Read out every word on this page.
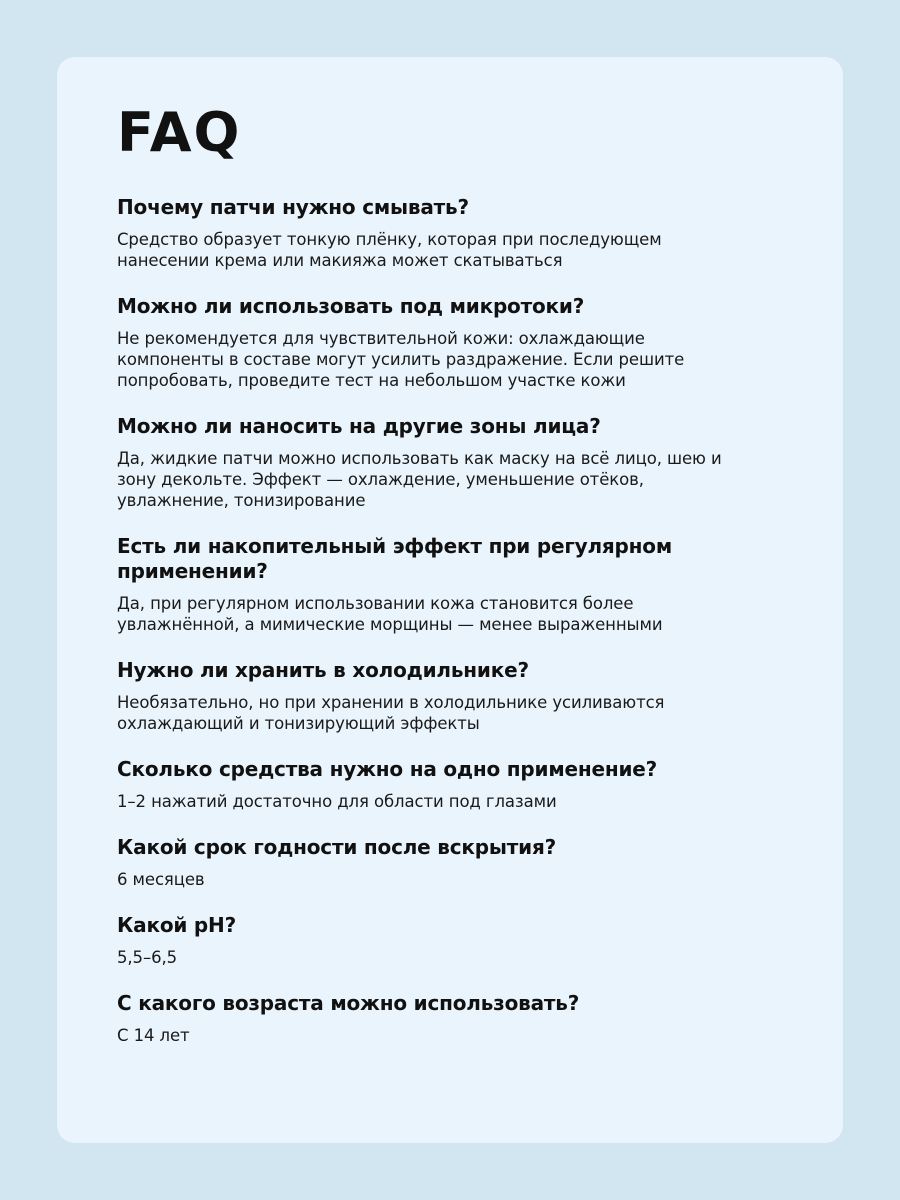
FAQ

Почему патчи нужно смывать?

Средство образует тонкую плёнку, которая при последующем нанесении крема или макияжа может скатываться

Можно ли использовать под микротоки?

Не рекомендуется для чувствительной кожи: охлаждающие компоненты в составе могут усилить раздражение. Если решите попробовать, проведите тест на небольшом участке кожи

Можно ли наносить на другие зоны лица?

Да, жидкие патчи можно использовать как маску на всё лицо, шею и зону декольте. Эффект — охлаждение, уменьшение отёков, увлажнение, тонизирование

Есть ли накопительный эффект при регулярном применении?

Да, при регулярном использовании кожа становится более увлажнённой, а мимические морщины — менее выраженными

Нужно ли хранить в холодильнике?

Необязательно, но при хранении в холодильнике усиливаются охлаждающий и тонизирующий эффекты

Сколько средства нужно на одно применение?

1–2 нажатий достаточно для области под глазами

Какой срок годности после вскрытия?

6 месяцев

Какой pH?

5,5–6,5

С какого возраста можно использовать?

С 14 лет
